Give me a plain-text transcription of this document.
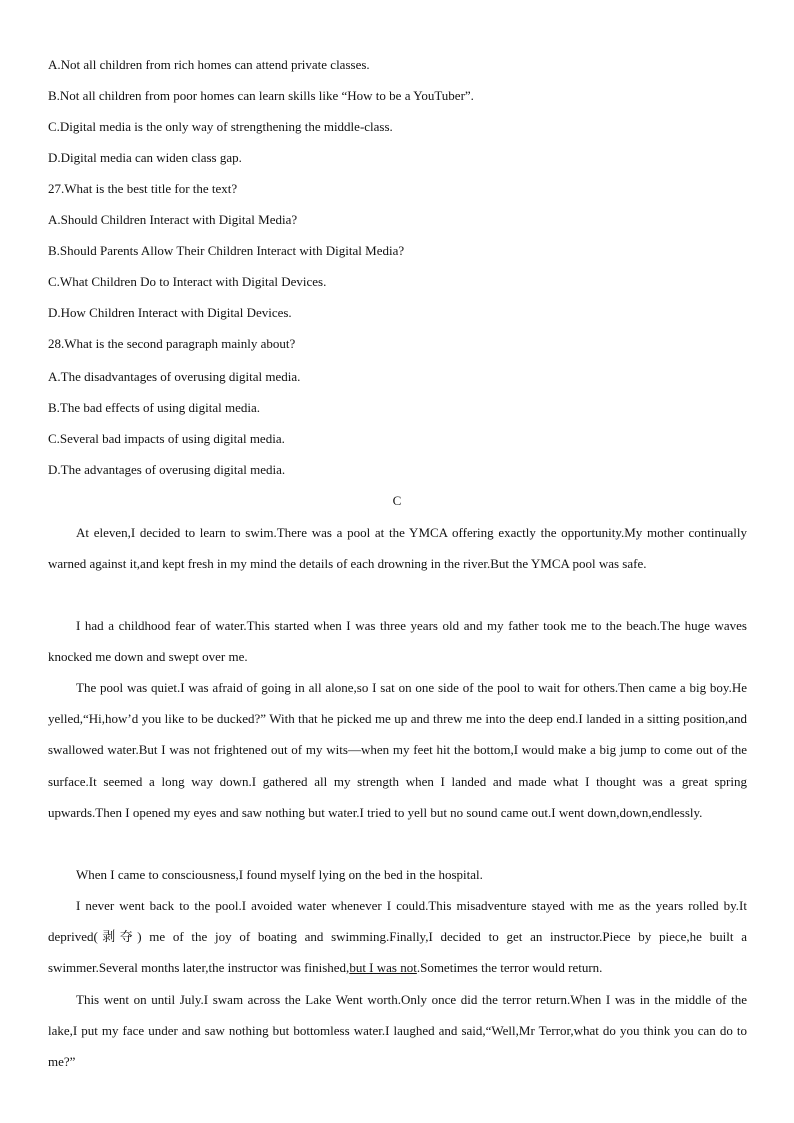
A.Not all children from rich homes can attend private classes.
B.Not all children from poor homes can learn skills like “How to be a YouTuber”.
C.Digital media is the only way of strengthening the middle-class.
D.Digital media can widen class gap.
27.What is the best title for the text?
A.Should Children Interact with Digital Media?
B.Should Parents Allow Their Children Interact with Digital Media?
C.What Children Do to Interact with Digital Devices.
D.How Children Interact with Digital Devices.
28.What is the second paragraph mainly about?
A.The disadvantages of overusing digital media.
B.The bad effects of using digital media.
C.Several bad impacts of using digital media.
D.The advantages of overusing digital media.
C

At eleven,I decided to learn to swim.There was a pool at the YMCA offering exactly the opportunity.My mother continually warned against it,and kept fresh in my mind the details of each drowning in the river.But the YMCA pool was safe.

I had a childhood fear of water.This started when I was three years old and my father took me to the beach.The huge waves knocked me down and swept over me.

The pool was quiet.I was afraid of going in all alone,so I sat on one side of the pool to wait for others.Then came a big boy.He yelled,“Hi,how’d you like to be ducked?” With that he picked me up and threw me into the deep end.I landed in a sitting position,and swallowed water.But I was not frightened out of my wits—when my feet hit the bottom,I would make a big jump to come out of the surface.It seemed a long way down.I gathered all my strength when I landed and made what I thought was a great spring upwards.Then I opened my eyes and saw nothing but water.I tried to yell but no sound came out.I went down,down,endlessly.

When I came to consciousness,I found myself lying on the bed in the hospital.

I never went back to the pool.I avoided water whenever I could.This misadventure stayed with me as the years rolled by.It deprived(剥夺) me of the joy of boating and swimming.Finally,I decided to get an instructor.Piece by piece,he built a swimmer.Several months later,the instructor was finished,but I was not.Sometimes the terror would return.

This went on until July.I swam across the Lake Went worth.Only once did the terror return.When I was in the middle of the lake,I put my face under and saw nothing but bottomless water.I laughed and said,“Well,Mr Terror,what do you think you can do to me?”
